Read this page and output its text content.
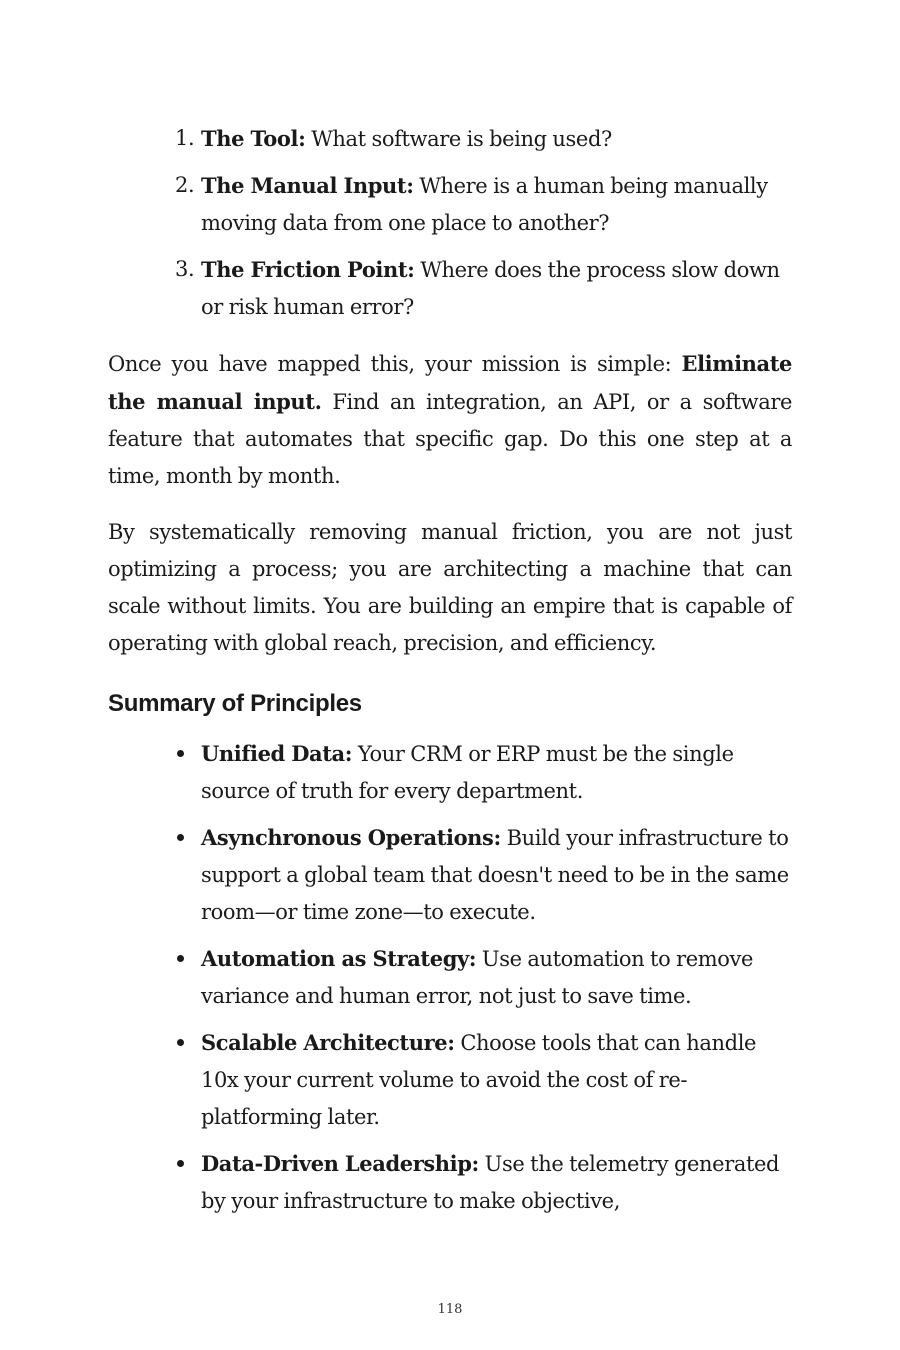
1. The Tool: What software is being used?
2. The Manual Input: Where is a human being manually moving data from one place to another?
3. The Friction Point: Where does the process slow down or risk human error?

Once you have mapped this, your mission is simple: Eliminate the manual input. Find an integration, an API, or a software feature that automates that specific gap. Do this one step at a time, month by month.

By systematically removing manual friction, you are not just optimizing a process; you are architecting a machine that can scale without limits. You are building an empire that is capable of operating with global reach, precision, and efficiency.

Summary of Principles
Unified Data: Your CRM or ERP must be the single source of truth for every department.
Asynchronous Operations: Build your infrastructure to support a global team that doesn't need to be in the same room—or time zone—to execute.
Automation as Strategy: Use automation to remove variance and human error, not just to save time.
Scalable Architecture: Choose tools that can handle 10x your current volume to avoid the cost of re-platforming later.
Data-Driven Leadership: Use the telemetry generated by your infrastructure to make objective,
118
